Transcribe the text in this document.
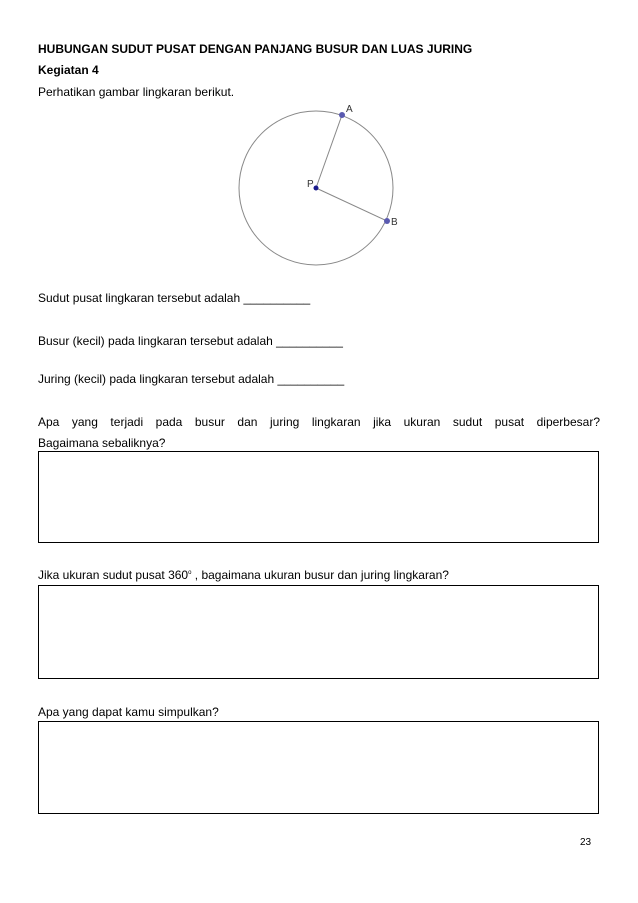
HUBUNGAN SUDUT PUSAT DENGAN PANJANG BUSUR DAN LUAS JURING
Kegiatan 4
Perhatikan gambar lingkaran berikut.
A
B
P
Sudut pusat lingkaran tersebut adalah __________
Busur (kecil) pada lingkaran tersebut adalah __________
Juring (kecil) pada lingkaran tersebut adalah __________
Apa yang terjadi pada busur dan juring lingkaran jika ukuran sudut pusat diperbesar?
Bagaimana sebaliknya?
Jika ukuran sudut pusat 360$^o$ , bagaimana ukuran busur dan juring lingkaran?
Apa yang dapat kamu simpulkan?
23
